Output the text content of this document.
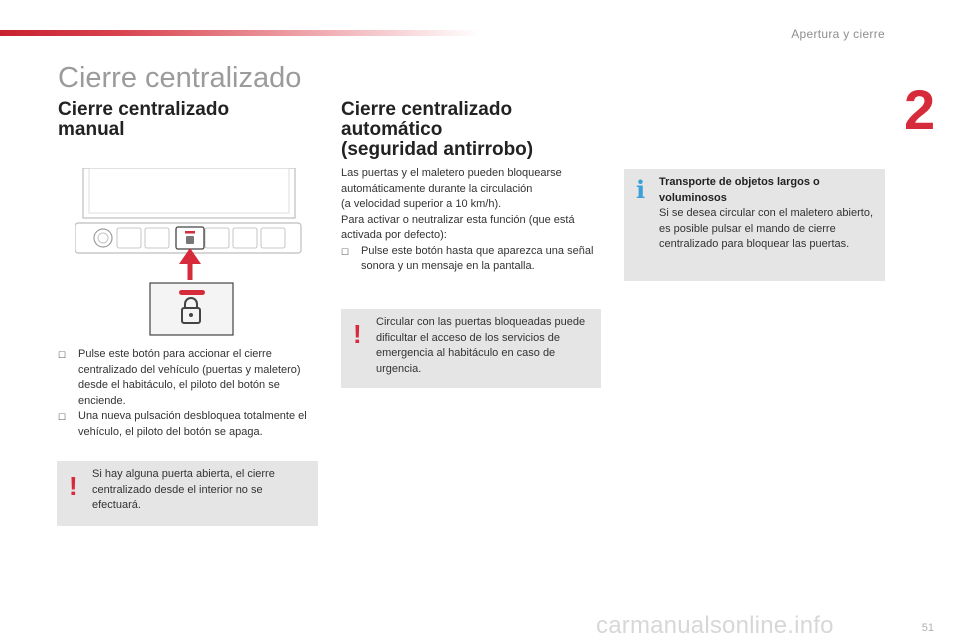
Apertura y cierre
2
Cierre centralizado
Cierre centralizado
manual
☐	Pulse este botón para accionar el cierre centralizado del vehículo (puertas y maletero) desde el habitáculo, el piloto del botón se enciende.
☐	Una nueva pulsación desbloquea totalmente el vehículo, el piloto del botón se apaga.
! Si hay alguna puerta abierta, el cierre centralizado desde el interior no se efectuará.
Cierre centralizado
automático
(seguridad antirrobo)

Las puertas y el maletero pueden bloquearse automáticamente durante la circulación

(a velocidad superior a 10 km/h).

Para activar o neutralizar esta función (que está activada por defecto):

☐	Pulse este botón hasta que aparezca una señal sonora y un mensaje en la pantalla.
! Circular con las puertas bloqueadas puede dificultar el acceso de los servicios de emergencia al habitáculo en caso de urgencia.
i Transporte de objetos largos o voluminosos
Si se desea circular con el maletero abierto, es posible pulsar el mando de cierre centralizado para bloquear las puertas.
51
carmanualsonline.info
